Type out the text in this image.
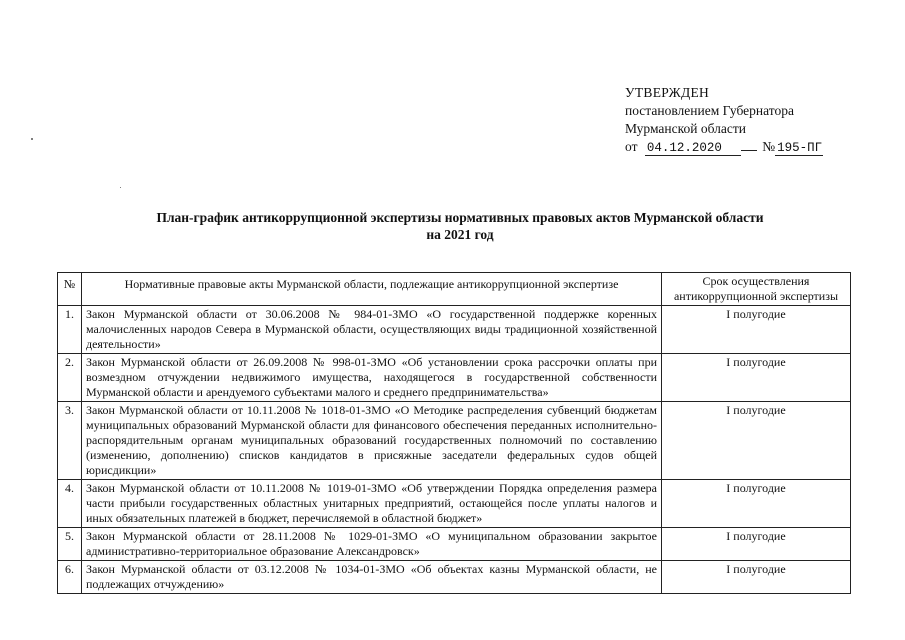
УТВЕРЖДЕН
постановлением Губернатора
Мурманской области
от 04.12.2020	№ 195-ПГ
План-график антикоррупционной экспертизы нормативных правовых актов Мурманской области
на 2021 год
№	Нормативные правовые акты Мурманской области, подлежащие антикоррупционной экспертизе	Срок осуществления антикоррупционной экспертизы
1.	Закон Мурманской области от 30.06.2008 № 984-01-ЗМО «О государственной поддержке коренных малочисленных народов Севера в Мурманской области, осуществляющих виды традиционной хозяйственной деятельности»	I полугодие
2.	Закон Мурманской области от 26.09.2008 № 998-01-ЗМО «Об установлении срока рассрочки оплаты при возмездном отчуждении недвижимого имущества, находящегося в государственной собственности Мурманской области и арендуемого субъектами малого и среднего предпринимательства»	I полугодие
3.	Закон Мурманской области от 10.11.2008 № 1018-01-ЗМО «О Методике распределения субвенций бюджетам муниципальных образований Мурманской области для финансового обеспечения переданных исполнительно-распорядительным органам муниципальных образований государственных полномочий по составлению (изменению, дополнению) списков кандидатов в присяжные заседатели федеральных судов общей юрисдикции»	I полугодие
4.	Закон Мурманской области от 10.11.2008 № 1019-01-ЗМО «Об утверждении Порядка определения размера части прибыли государственных областных унитарных предприятий, остающейся после уплаты налогов и иных обязательных платежей в бюджет, перечисляемой в областной бюджет»	I полугодие
5.	Закон Мурманской области от 28.11.2008 № 1029-01-ЗМО «О муниципальном образовании закрытое административно-территориальное образование Александровск»	I полугодие
6.	Закон Мурманской области от 03.12.2008 № 1034-01-ЗМО «Об объектах казны Мурманской области, не подлежащих отчуждению»	I полугодие
